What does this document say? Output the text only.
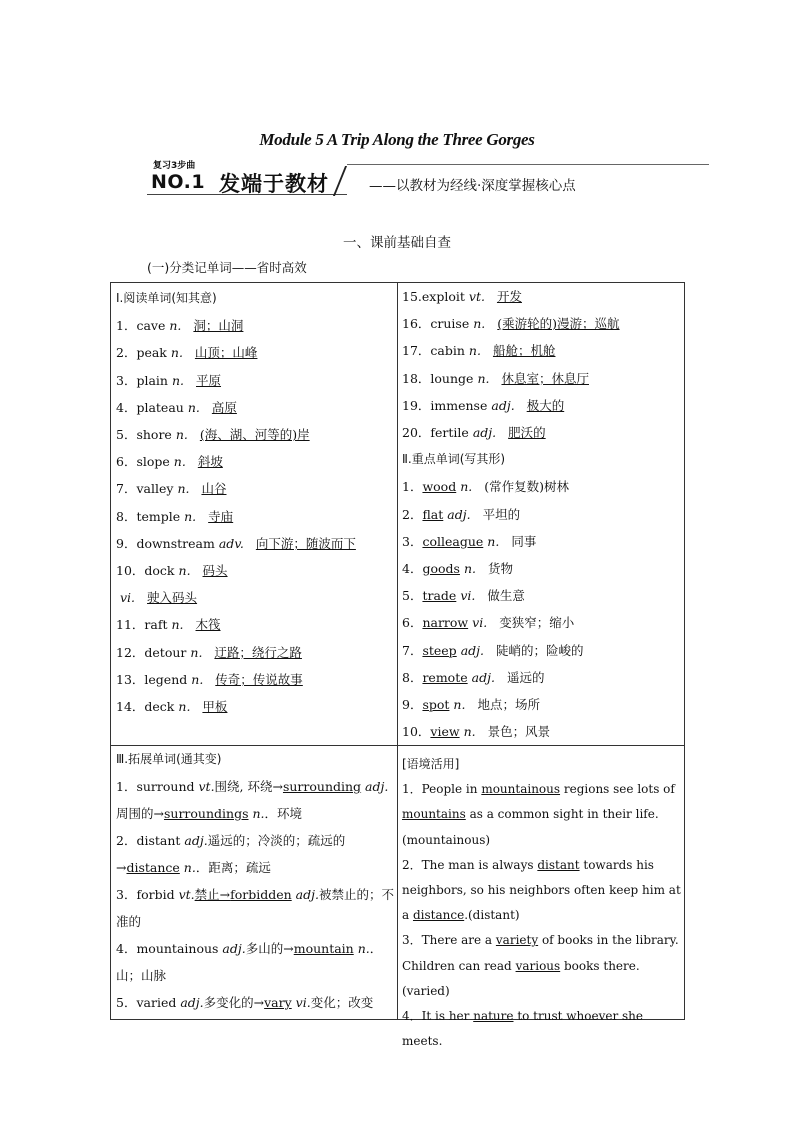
Module 5 A Trip Along the Three Gorges
复习3步曲
NO.1 发端于教材	——以教材为经线·深度掌握核心点
一、课前基础自查
(一)分类记单词——省时高效
Ⅰ.阅读单词(知其意)
1．cave n. 洞；山洞
2．peak n. 山顶；山峰
3．plain n. 平原
4．plateau n. 高原
5．shore n. (海、湖、河等的)岸
6．slope n. 斜坡
7．valley n. 山谷
8．temple n. 寺庙
9．downstream adv. 向下游；随波而下
10．dock n. 码头
vi. 驶入码头
11．raft n. 木筏
12．detour n. 迂路；绕行之路
13．legend n. 传奇；传说故事
14．deck n. 甲板
15.exploit vt. 开发
16．cruise n. (乘游轮的)漫游；巡航
17．cabin n. 船舱；机舱
18．lounge n. 休息室；休息厅
19．immense adj. 极大的
20．fertile adj. 肥沃的
Ⅱ.重点单词(写其形)
1．wood n. (常作复数)树林
2．flat adj. 平坦的
3．colleague n. 同事
4．goods n. 货物
5．trade vi. 做生意
6．narrow vi. 变狭窄；缩小
7．steep adj. 陡峭的；险峻的
8．remote adj. 遥远的
9．spot n. 地点；场所
10．view n. 景色；风景
Ⅲ.拓展单词(通其变)
1．surround vt.围绕, 环绕→surrounding adj.周围的→surroundings n.．环境
2．distant adj.遥远的；冷淡的；疏远的→distance n.．距离；疏远
3．forbid vt.禁止→forbidden adj.被禁止的；不准的
4．mountainous adj.多山的→mountain n.．山；山脉
5．varied adj.多变化的→vary vi.变化；改变
[语境活用]
1．People in mountainous regions see lots of mountains as a common sight in their life.(mountainous)
2．The man is always distant towards his neighbors, so his neighbors often keep him at a distance.(distant)
3．There are a variety of books in the library. Children can read various books there.(varied)
4．It is her nature to trust whoever she meets.
